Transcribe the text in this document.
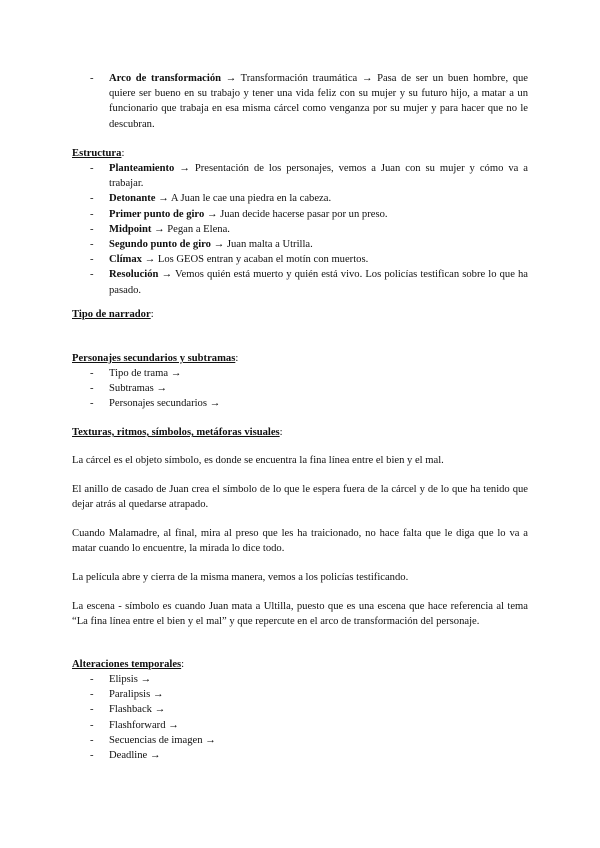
- Arco de transformación → Transformación traumática → Pasa de ser un buen hombre, que quiere ser bueno en su trabajo y tener una vida feliz con su mujer y su futuro hijo, a matar a un funcionario que trabaja en esa misma cárcel como venganza por su mujer y para hacer que no le descubran.

Estructura:

- Planteamiento → Presentación de los personajes, vemos a Juan con su mujer y cómo va a trabajar.
- Detonante → A Juan le cae una piedra en la cabeza.
- Primer punto de giro → Juan decide hacerse pasar por un preso.
- Midpoint → Pegan a Elena.
- Segundo punto de giro → Juan malta a Utrilla.
- Clímax → Los GEOS entran y acaban el motín con muertos.
- Resolución → Vemos quién está muerto y quién está vivo. Los policías testifican sobre lo que ha pasado.

Tipo de narrador:

Personajes secundarios y subtramas:

- Tipo de trama →
- Subtramas →
- Personajes secundarios →

Texturas, ritmos, símbolos, metáforas visuales:

La cárcel es el objeto símbolo, es donde se encuentra la fina línea entre el bien y el mal.

El anillo de casado de Juan crea el símbolo de lo que le espera fuera de la cárcel y de lo que ha tenido que dejar atrás al quedarse atrapado.

Cuando Malamadre, al final, mira al preso que les ha traicionado, no hace falta que le diga que lo va a matar cuando lo encuentre, la mirada lo dice todo.

La película abre y cierra de la misma manera, vemos a los policías testificando.

La escena - símbolo es cuando Juan mata a Ultilla, puesto que es una escena que hace referencia al tema “La fina línea entre el bien y el mal” y que repercute en el arco de transformación del personaje.

Alteraciones temporales:

- Elipsis →
- Paralipsis →
- Flashback →
- Flashforward →
- Secuencias de imagen →
- Deadline →
